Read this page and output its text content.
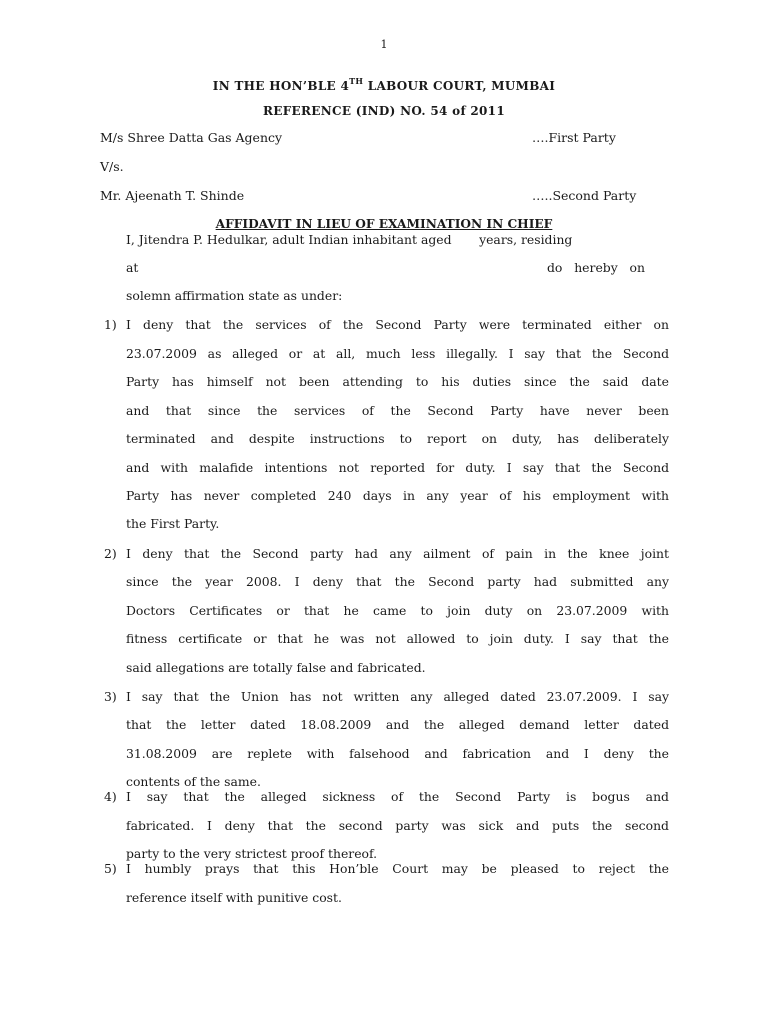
1
IN THE HON’BLE 4TH LABOUR COURT, MUMBAI
REFERENCE (IND) NO. 54 of 2011
M/s Shree Datta Gas Agency	….First Party
V/s.
Mr. Ajeenath T. Shinde	…..Second Party
AFFIDAVIT IN LIEU OF EXAMINATION IN CHIEF
I, Jitendra P. Hedulkar, adult Indian inhabitant aged       years, residing
at	do   hereby   on
solemn affirmation state as under:
1) I deny that the services of the Second Party were terminated either on
23.07.2009 as alleged or at all, much less illegally. I say that the Second
Party has himself not been attending to his duties since the said date
and that since the services of the Second Party have never been
terminated and despite instructions to report on duty, has deliberately
and with malafide intentions not reported for duty. I say that the Second
Party has never completed 240 days in any year of his employment with
the First Party.
2) I deny that the Second party had any ailment of pain in the knee joint
since the year 2008. I deny that the Second party had submitted any
Doctors Certificates or that he came to join duty on 23.07.2009 with
fitness certificate or that he was not allowed to join duty. I say that the
said allegations are totally false and fabricated.
3) I say that the Union has not written any alleged dated 23.07.2009. I say
that the letter dated 18.08.2009 and the alleged demand letter dated
31.08.2009 are replete with falsehood and fabrication and I deny the
contents of the same.
4) I say that the alleged sickness of the Second Party is bogus and
fabricated. I deny that the second party was sick and puts the second
party to the very strictest proof thereof.
5) I humbly prays that this Hon’ble Court may be pleased to reject the
reference itself with punitive cost.
